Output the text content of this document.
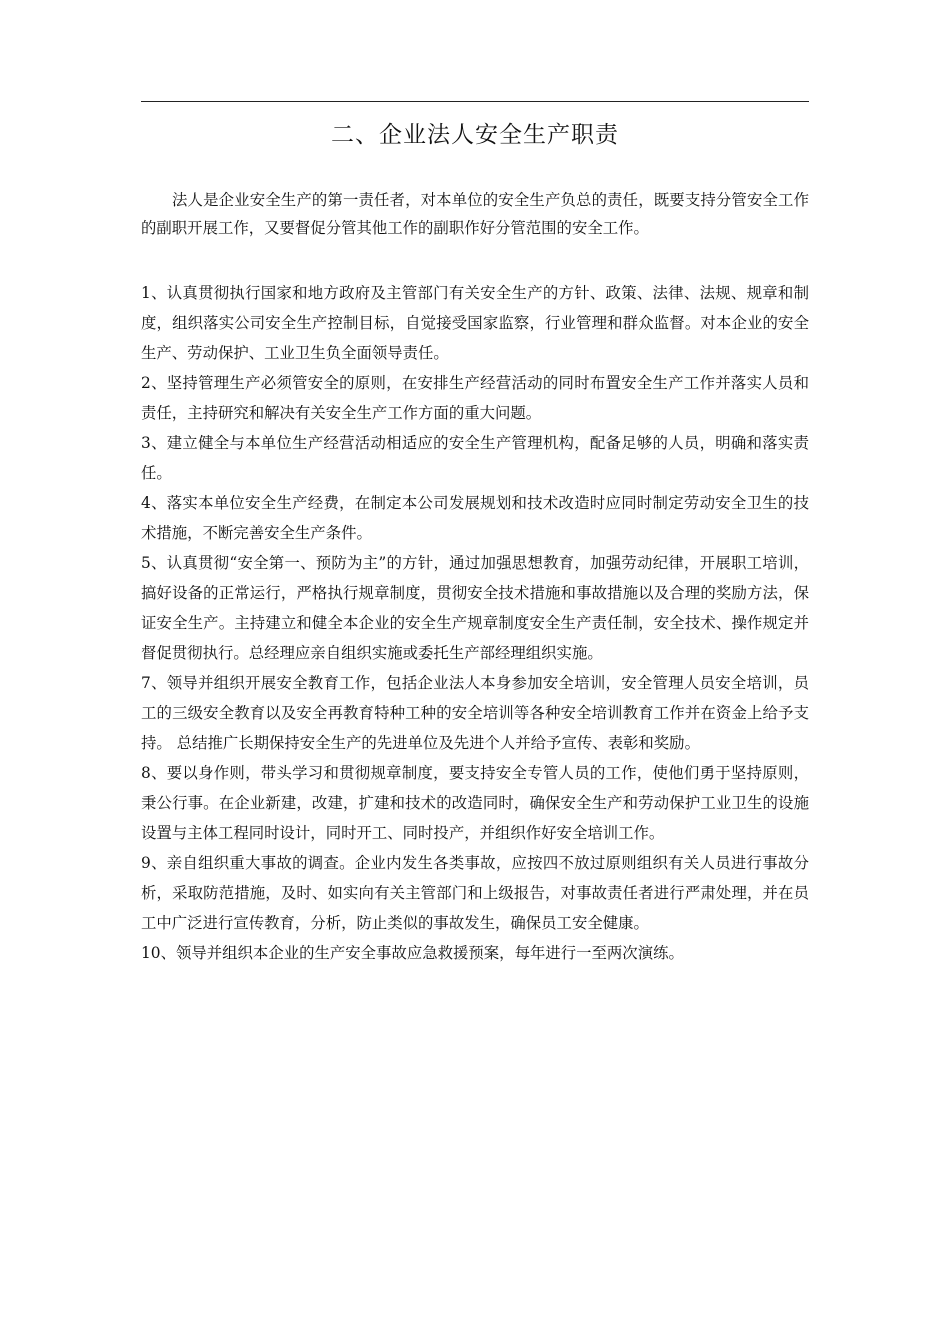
二、企业法人安全生产职责

法人是企业安全生产的第一责任者，对本单位的安全生产负总的责任，既要支持分管安全工作的副职开展工作，又要督促分管其他工作的副职作好分管范围的安全工作。

1、认真贯彻执行国家和地方政府及主管部门有关安全生产的方针、政策、法律、法规、规章和制度，组织落实公司安全生产控制目标，自觉接受国家监察，行业管理和群众监督。对本企业的安全生产、劳动保护、工业卫生负全面领导责任。

2、坚持管理生产必须管安全的原则，在安排生产经营活动的同时布置安全生产工作并落实人员和责任，主持研究和解决有关安全生产工作方面的重大问题。

3、建立健全与本单位生产经营活动相适应的安全生产管理机构，配备足够的人员，明确和落实责任。

4、落实本单位安全生产经费，在制定本公司发展规划和技术改造时应同时制定劳动安全卫生的技术措施，不断完善安全生产条件。

5、认真贯彻“安全第一、预防为主”的方针，通过加强思想教育，加强劳动纪律，开展职工培训，搞好设备的正常运行，严格执行规章制度，贯彻安全技术措施和事故措施以及合理的奖励方法，保证安全生产。主持建立和健全本企业的安全生产规章制度安全生产责任制，安全技术、操作规定并督促贯彻执行。总经理应亲自组织实施或委托生产部经理组织实施。

7、领导并组织开展安全教育工作，包括企业法人本身参加安全培训，安全管理人员安全培训，员工的三级安全教育以及安全再教育特种工种的安全培训等各种安全培训教育工作并在资金上给予支持。 总结推广长期保持安全生产的先进单位及先进个人并给予宣传、表彰和奖励。

8、要以身作则，带头学习和贯彻规章制度，要支持安全专管人员的工作，使他们勇于坚持原则，秉公行事。在企业新建，改建，扩建和技术的改造同时，确保安全生产和劳动保护工业卫生的设施设置与主体工程同时设计，同时开工、同时投产，并组织作好安全培训工作。

9、亲自组织重大事故的调查。企业内发生各类事故，应按四不放过原则组织有关人员进行事故分析，采取防范措施，及时、如实向有关主管部门和上级报告，对事故责任者进行严肃处理，并在员工中广泛进行宣传教育，分析，防止类似的事故发生，确保员工安全健康。

10、领导并组织本企业的生产安全事故应急救援预案，每年进行一至两次演练。
